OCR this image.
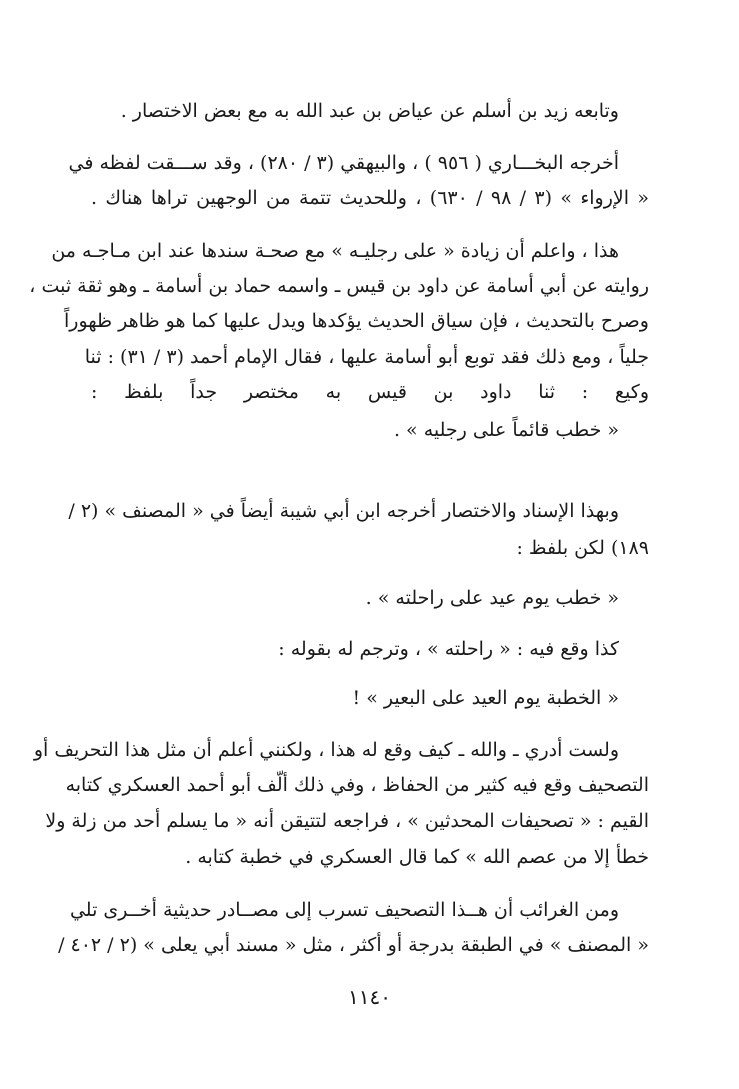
وتابعه زيد بن أسلم عن عياض بن عبد الله به مع بعض الاختصار .
أخرجه البخـــاري ( ٩٥٦ ) ، والبيهقي (٣ / ٢٨٠) ، وقد ســـقت لفظه في
« الإرواء » (٣ / ٩٨ / ٦٣٠) ، وللحديث تتمة من الوجهين تراها هناك .
هذا ، واعلم أن زيادة « على رجليـه » مع صحـة سندها عند ابن مـاجـه من
روايته عن أبي أسامة عن داود بن قيس ـ واسمه حماد بن أسامة ـ وهو ثقة ثبت ،
وصرح بالتحديث ، فإن سياق الحديث يؤكدها ويدل عليها كما هو ظاهر ظهوراً
جلياً ، ومع ذلك فقد توبع أبو أسامة عليها ، فقال الإمام أحمد (٣ / ٣١) : ثنا
وكيع : ثنا داود بن قيس به مختصر جداً بلفظ :
« خطب قائماً على رجليه » .
وبهذا الإسناد والاختصار أخرجه ابن أبي شيبة أيضاً في « المصنف » (٢ /
١٨٩) لكن بلفظ :
« خطب يوم عيد على راحلته » .
كذا وقع فيه : « راحلته » ، وترجم له بقوله :
« الخطبة يوم العيد على البعير » !
ولست أدري ـ والله ـ كيف وقع له هذا ، ولكنني أعلم أن مثل هذا التحريف أو
التصحيف وقع فيه كثير من الحفاظ ، وفي ذلك ألّف أبو أحمد العسكري كتابه
القيم : « تصحيفات المحدثين » ، فراجعه لتتيقن أنه « ما يسلم أحد من زلة ولا
خطأ إلا من عصم الله » كما قال العسكري في خطبة كتابه .
ومن الغرائب أن هــذا التصحيف تسرب إلى مصــادر حديثية أخــرى تلي
« المصنف » في الطبقة بدرجة أو أكثر ، مثل « مسند أبي يعلى » (٢ / ٤٠٢ /
١١٤٠
